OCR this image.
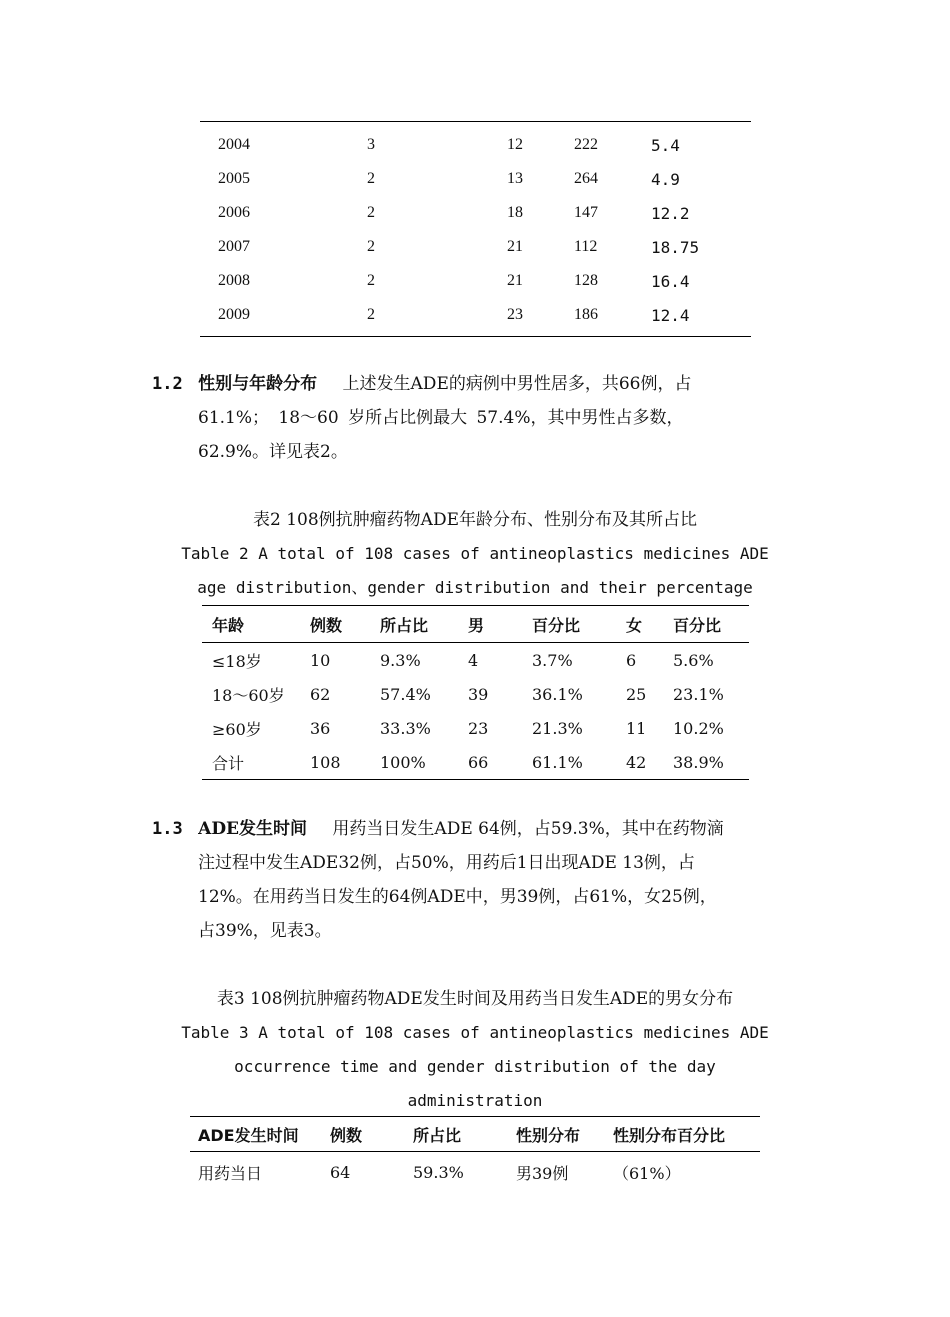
2004	3	12	222	5.4
2005	2	13	264	4.9
2006	2	18	147	12.2
2007	2	21	112	18.75
2008	2	21	128	16.4
2009	2	23	186	12.4
1.2 性别与年龄分布 上述发生ADE的病例中男性居多，共66例，占
61.1%； 18～60 岁所占比例最大 57.4%，其中男性占多数，
62.9%。详见表2。
表2 108例抗肿瘤药物ADE年龄分布、性别分布及其所占比
Table 2 A total of 108 cases of antineoplastics medicines ADE
age distribution、gender distribution and their percentage
年龄	例数	所占比	男	百分比	女	百分比
≤18岁	10	9.3%	4	3.7%	6	5.6%
18～60岁	62	57.4%	39	36.1%	25	23.1%
≥60岁	36	33.3%	23	21.3%	11	10.2%
合计	108	100%	66	61.1%	42	38.9%
1.3 ADE发生时间 用药当日发生ADE 64例，占59.3%，其中在药物滴
注过程中发生ADE32例，占50%，用药后1日出现ADE 13例，占
12%。在用药当日发生的64例ADE中，男39例，占61%，女25例，
占39%，见表3。
表3 108例抗肿瘤药物ADE发生时间及用药当日发生ADE的男女分布
Table 3 A total of 108 cases of antineoplastics medicines ADE
occurrence time and gender distribution of the day
administration
ADE发生时间	例数	所占比	性别分布	性别分布百分比
用药当日	64	59.3%	男39例	（61%）
